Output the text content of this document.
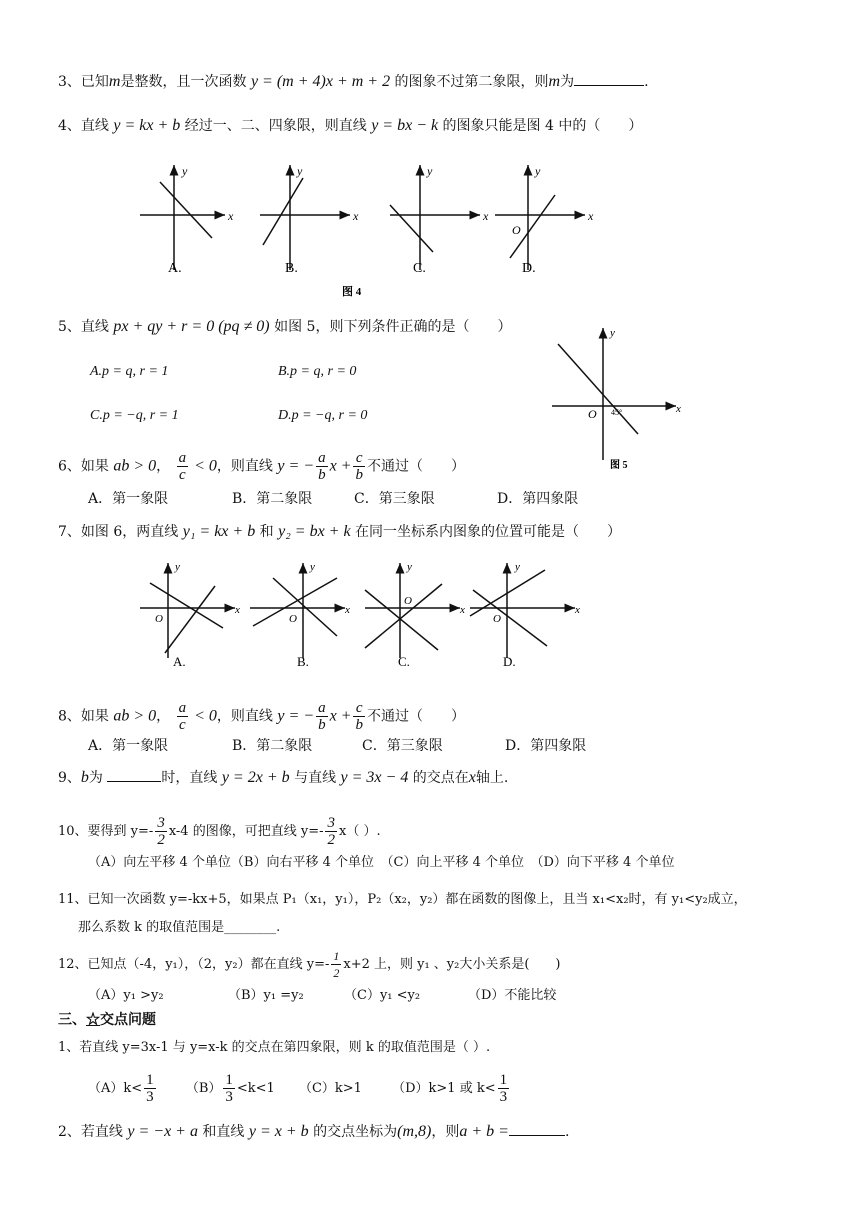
3、已知m是整数，且一次函数 y = (m + 4)x + m + 2 的图象不过第二象限，则m为	.
4、直线 y = kx + b 经过一、二、四象限，则直线 y = bx − k 的图象只能是图 4 中的（　　）
y
x
A.
y
x
B.
y
x
C.
y
x
O
D.
图 4
5、直线 px + qy + r = 0 (pq ≠ 0) 如图 5，则下列条件正确的是（　　）
A.p = q, r = 1	B.p = q, r = 0
C.p = −q, r = 1	D.p = −q, r = 0
y
x
O 45°
图 5
6、如果 ab > 0， $\frac{a}{c} < 0$，则直线 y = − $\frac{a}{b}$ $x + \frac{c}{b}$ 不通过（　　）
A．第一象限	B．第二象限	C．第三象限	D．第四象限
7、如图 6，两直线 y₁ = kx + b 和 y₂ = bx + k 在同一坐标系内图象的位置可能是（　　）
y
x
O
A.
y
x
O
B.
y
x
O
C.
y
x
O
D.
8、如果 ab > 0， $\frac{a}{c} < 0$，则直线 y = − $\frac{a}{b}$ $x + \frac{c}{b}$ 不通过（　　）
A．第一象限	B．第二象限	C．第三象限	D．第四象限
9、b为	时，直线 y = 2x + b 与直线 y = 3x − 4 的交点在x轴上.
10、要得到 $y=- \frac{3}{2} x-4$ 的图像，可把直线 $y=- \frac{3}{2} x$（ ）.
（A）向左平移 4 个单位（B）向右平移 4 个单位　（C）向上平移 4 个单位　（D）向下平移 4 个单位
11、已知一次函数 y=-kx+5，如果点 P₁（x₁，y₁），P₂（x₂，y₂）都在函数的图像上，且当 x₁<x₂时，有 y₁<y₂成立，
那么系数 k 的取值范围是________.
12、已知点（-4，y₁），（2，y₂）都在直线 $y=- \frac{1}{2} x+2$ 上，则 y₁ 、y₂大小关系是(　　)
（A）y₁ >y₂	（B）y₁ =y₂	（C）y₁ <y₂	（D）不能比较
三、☆交点问题
1、若直线 y=3x-1 与 y=x-k 的交点在第四象限，则 k 的取值范围是（ ）.
$(A)k< \frac{1}{3} (B) \frac{1}{3} <k<1$ （C）k>1 （D）k>1 或 $k< \frac{1}{3}$
2、若直线 y = −x + a 和直线 y = x + b 的交点坐标为(m,8)，则a + b =	.
